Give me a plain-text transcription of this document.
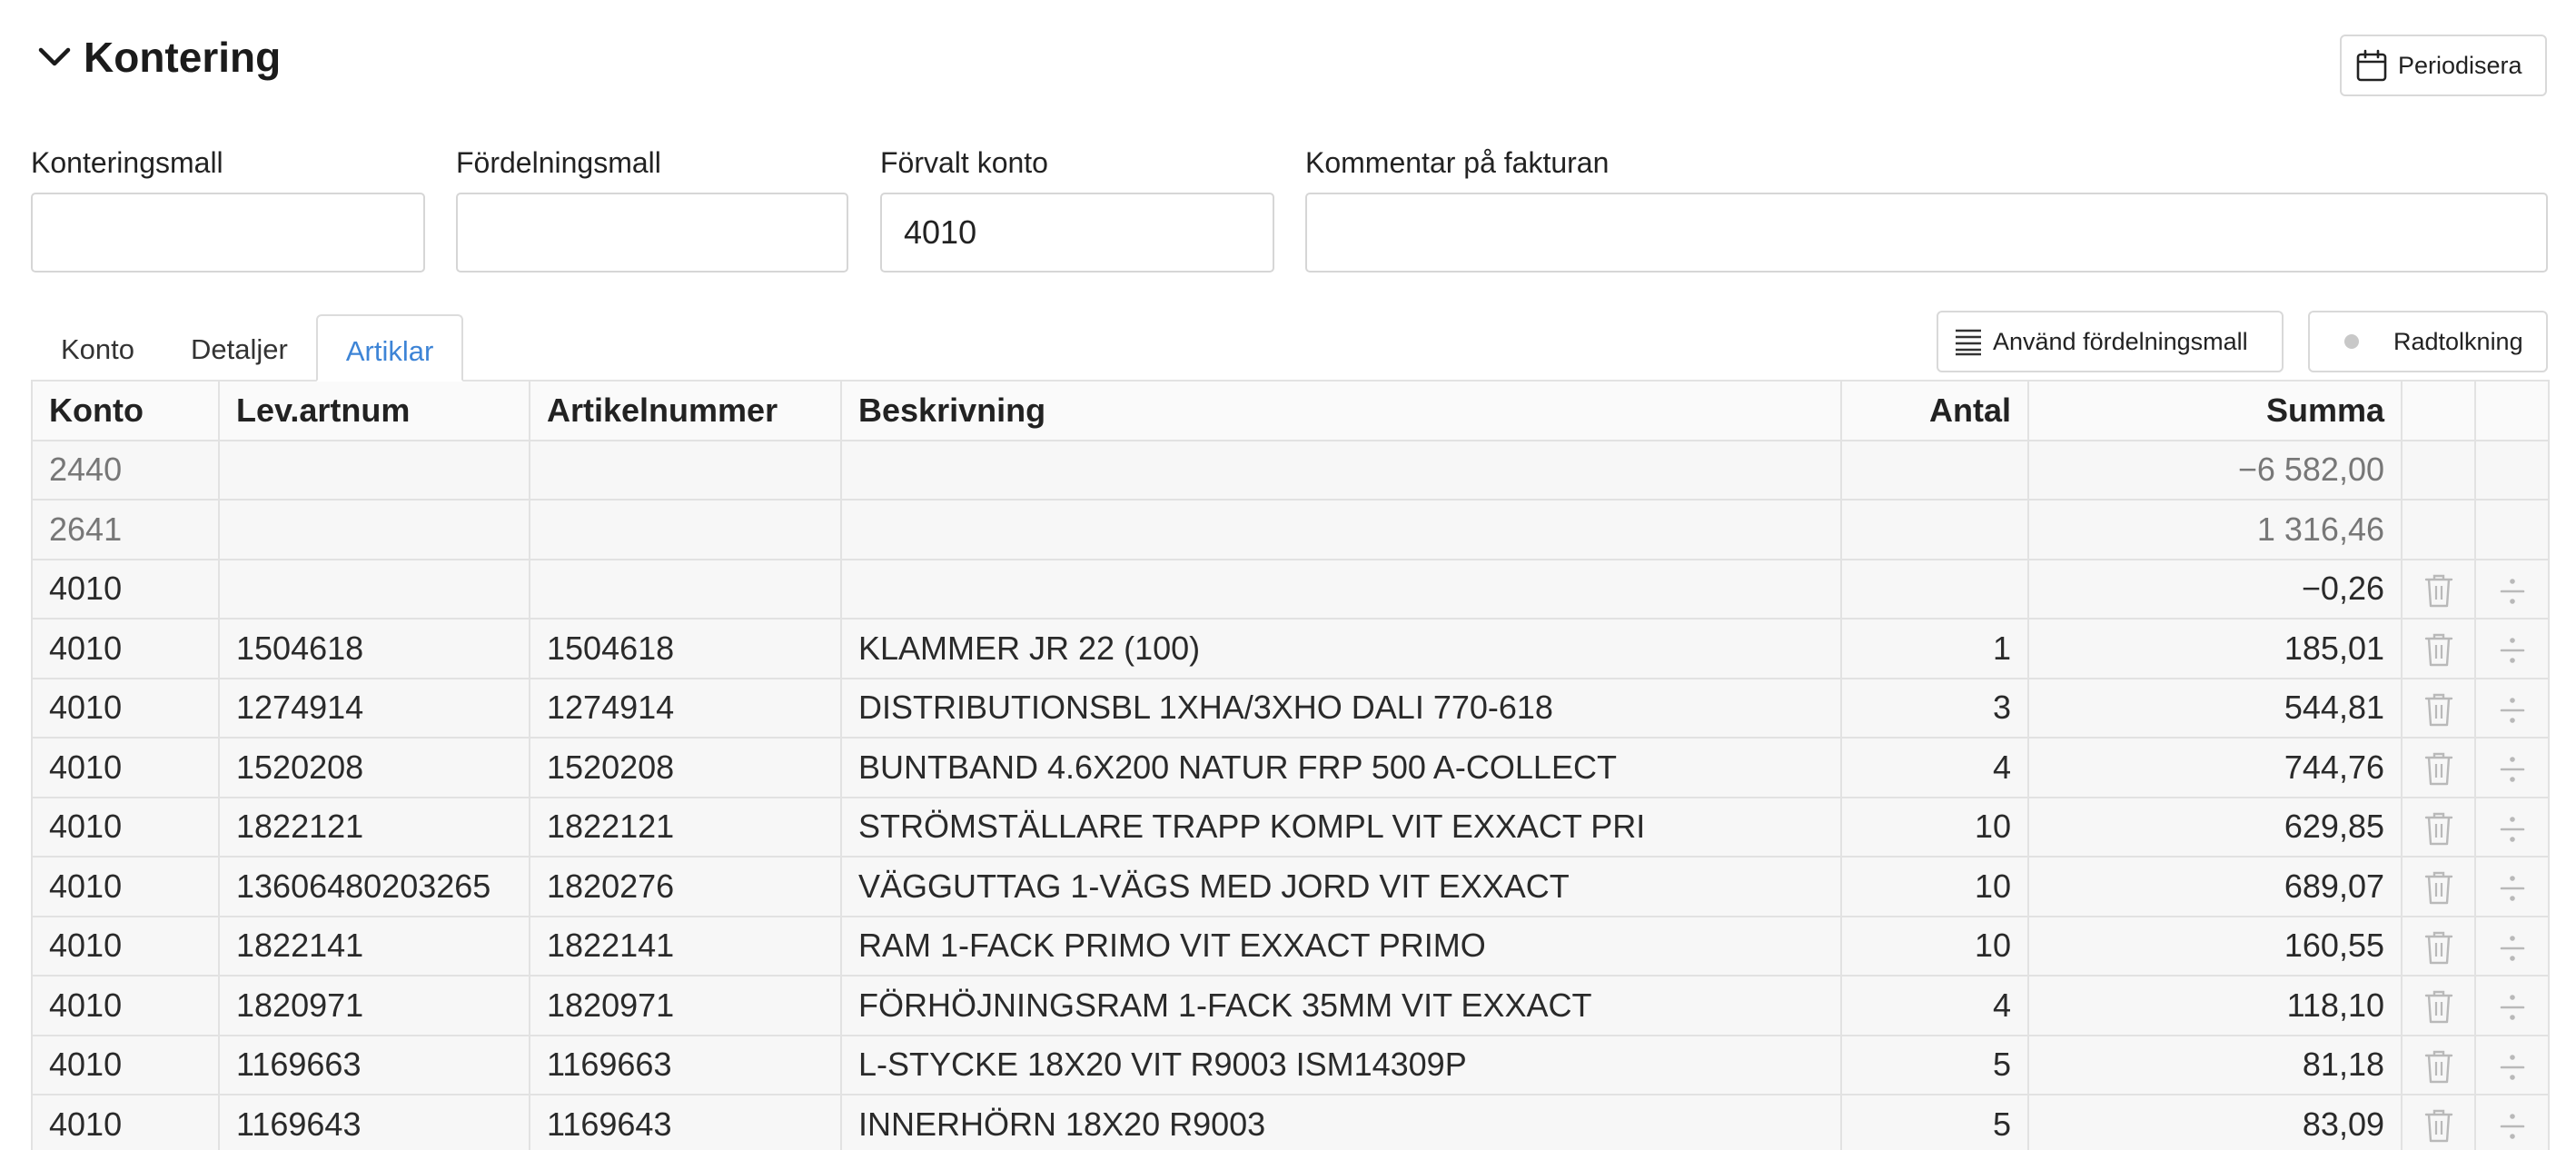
Kontering	Periodisera
Konteringsmall	Fördelningsmall	Förvalt konto
4010
Kommentar på fakturan
Konto	Detaljer	Artiklar	Använd fördelningsmall	Radtolkning
Konto	Lev.artnum	Artikelnummer	Beskrivning	Antal	Summa		
2440					−6 582,00		
2641					1 316,46		
4010					−0,26		
4010	1504618	1504618	KLAMMER JR 22 (100)	1	185,01		
4010	1274914	1274914	DISTRIBUTIONSBL 1XHA/3XHO DALI 770-618	3	544,81		
4010	1520208	1520208	BUNTBAND 4.6X200 NATUR FRP 500 A-COLLECT	4	744,76		
4010	1822121	1822121	STRÖMSTÄLLARE TRAPP KOMPL VIT EXXACT PRI	10	629,85		
4010	13606480203265	1820276	VÄGGUTTAG 1-VÄGS MED JORD VIT EXXACT	10	689,07		
4010	1822141	1822141	RAM 1-FACK PRIMO VIT EXXACT PRIMO	10	160,55		
4010	1820971	1820971	FÖRHÖJNINGSRAM 1-FACK 35MM VIT EXXACT	4	118,10		
4010	1169663	1169663	L-STYCKE 18X20 VIT R9003 ISM14309P	5	81,18		
4010	1169643	1169643	INNERHÖRN 18X20 R9003	5	83,09		
